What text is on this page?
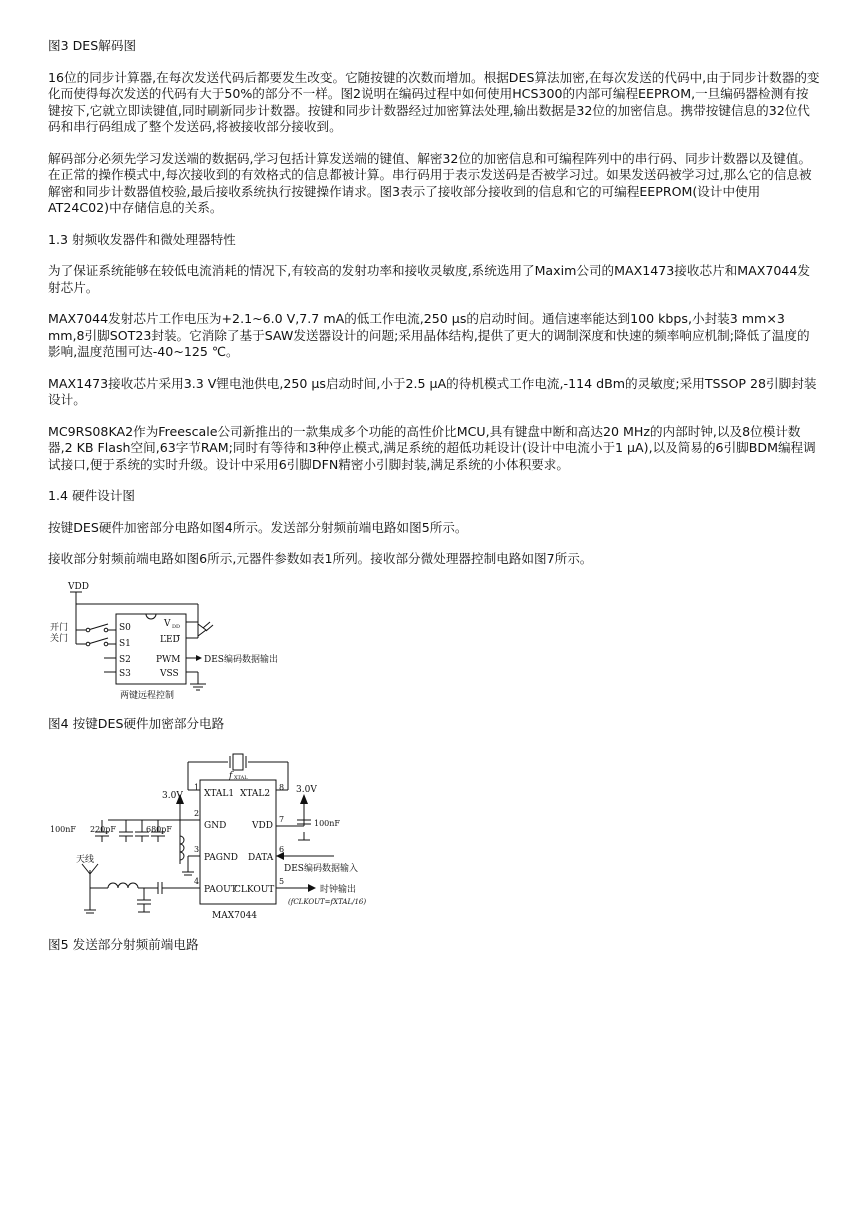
图3 DES解码图

16位的同步计算器,在每次发送代码后都要发生改变。它随按键的次数而增加。根据DES算法加密,在每次发送的代码中,由于同步计数器的变化而使得每次发送的代码有大于50%的部分不一样。图2说明在编码过程中如何使用HCS300的内部可编程EEPROM,一旦编码器检测有按键按下,它就立即读键值,同时刷新同步计数器。按键和同步计数器经过加密算法处理,输出数据是32位的加密信息。携带按键信息的32位代码和串行码组成了整个发送码,将被接收部分接收到。

解码部分必须先学习发送端的数据码,学习包括计算发送端的键值、解密32位的加密信息和可编程阵列中的串行码、同步计数器以及键值。在正常的操作模式中,每次接收到的有效格式的信息都被计算。串行码用于表示发送码是否被学习过。如果发送码被学习过,那么它的信息被解密和同步计数器值校验,最后接收系统执行按键操作请求。图3表示了接收部分接收到的信息和它的可编程EEPROM(设计中使用AT24C02)中存储信息的关系。

1.3 射频收发器件和微处理器特性

为了保证系统能够在较低电流消耗的情况下,有较高的发射功率和接收灵敏度,系统选用了Maxim公司的MAX1473接收芯片和MAX7044发射芯片。

MAX7044发射芯片工作电压为+2.1~6.0 V,7.7 mA的低工作电流,250 μs的启动时间。通信速率能达到100 kbps,小封装3 mm×3 mm,8引脚SOT23封装。它消除了基于SAW发送器设计的问题;采用晶体结构,提供了更大的调制深度和快速的频率响应机制;降低了温度的影响,温度范围可达-40~125 ℃。

MAX1473接收芯片采用3.3 V锂电池供电,250 μs启动时间,小于2.5 μA的待机模式工作电流,-114 dBm的灵敏度;采用TSSOP 28引脚封装设计。

MC9RS08KA2作为Freescale公司新推出的一款集成多个功能的高性价比MCU,具有键盘中断和高达20 MHz的内部时钟,以及8位模计数器,2 KB Flash空间,63字节RAM;同时有等待和3种停止模式,满足系统的超低功耗设计(设计中电流小于1 μA),以及简易的6引脚BDM编程调试接口,便于系统的实时升级。设计中采用6引脚DFN精密小引脚封装,满足系统的小体积要求。

1.4 硬件设计图

按键DES硬件加密部分电路如图4所示。发送部分射频前端电路如图5所示。

接收部分射频前端电路如图6所示,元器件参数如表1所列。接收部分微处理器控制电路如图7所示。

VDD
开门
关门
S0
S1
S2
S3
V DD
LED
PWM
VSS
DES编码数据输出
两键远程控制

图4 按键DES硬件加密部分电路

f XTAL
3.0V
3.0V
XTAL1
GND
PAGND
PAOUT
XTAL2
VDD
DATA
CLKOUT
1
2
3
4
8
7
6
5
100nF 220pF	680pF
100nF
天线
DES编码数据输入
时钟输出
(fCLKOUT=fXTAL/16)
MAX7044

图5 发送部分射频前端电路
